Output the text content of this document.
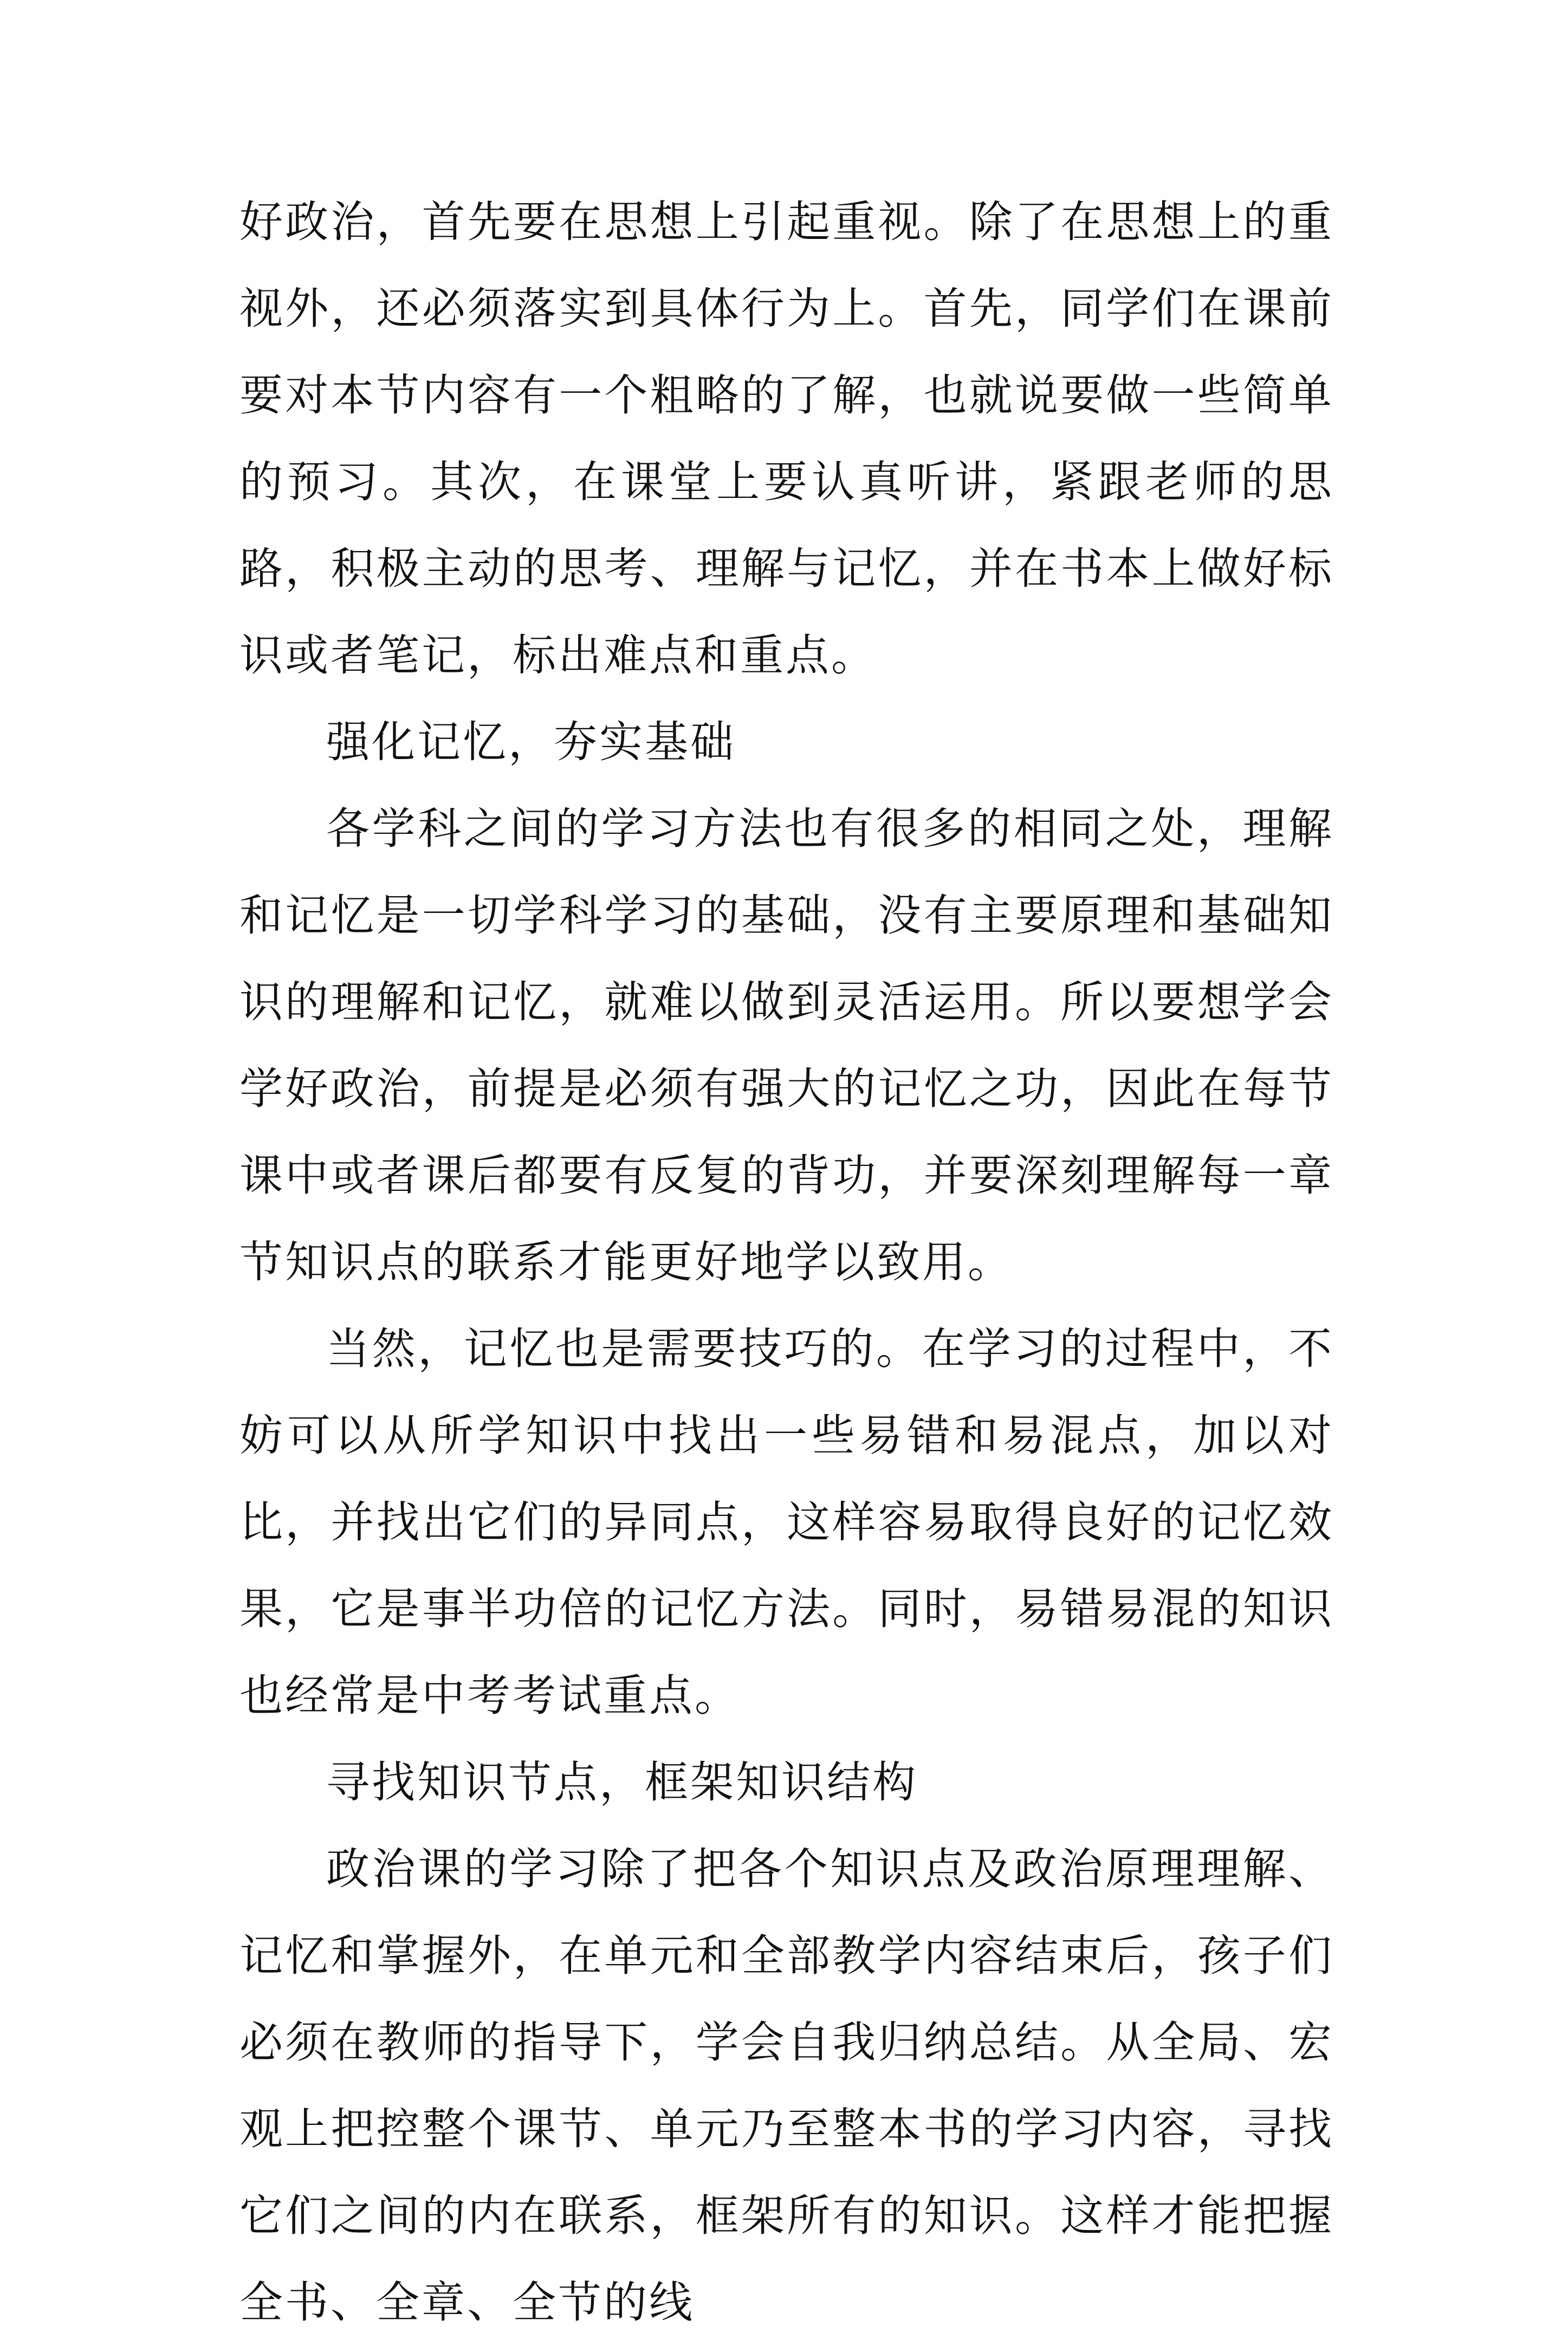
好政治，首先要在思想上引起重视。除了在思想上的重视外，还必须落实到具体行为上。首先，同学们在课前要对本节内容有一个粗略的了解，也就说要做一些简单的预习。其次，在课堂上要认真听讲，紧跟老师的思路，积极主动的思考、理解与记忆，并在书本上做好标识或者笔记，标出难点和重点。

强化记忆，夯实基础

各学科之间的学习方法也有很多的相同之处，理解和记忆是一切学科学习的基础，没有主要原理和基础知识的理解和记忆，就难以做到灵活运用。所以要想学会学好政治，前提是必须有强大的记忆之功，因此在每节课中或者课后都要有反复的背功，并要深刻理解每一章节知识点的联系才能更好地学以致用。

当然，记忆也是需要技巧的。在学习的过程中，不妨可以从所学知识中找出一些易错和易混点，加以对比，并找出它们的异同点，这样容易取得良好的记忆效果，它是事半功倍的记忆方法。同时，易错易混的知识也经常是中考考试重点。

寻找知识节点，框架知识结构

政治课的学习除了把各个知识点及政治原理理解、记忆和掌握外，在单元和全部教学内容结束后，孩子们必须在教师的指导下，学会自我归纳总结。从全局、宏观上把控整个课节、单元乃至整本书的学习内容，寻找它们之间的内在联系，框架所有的知识。这样才能把握全书、全章、全节的线
